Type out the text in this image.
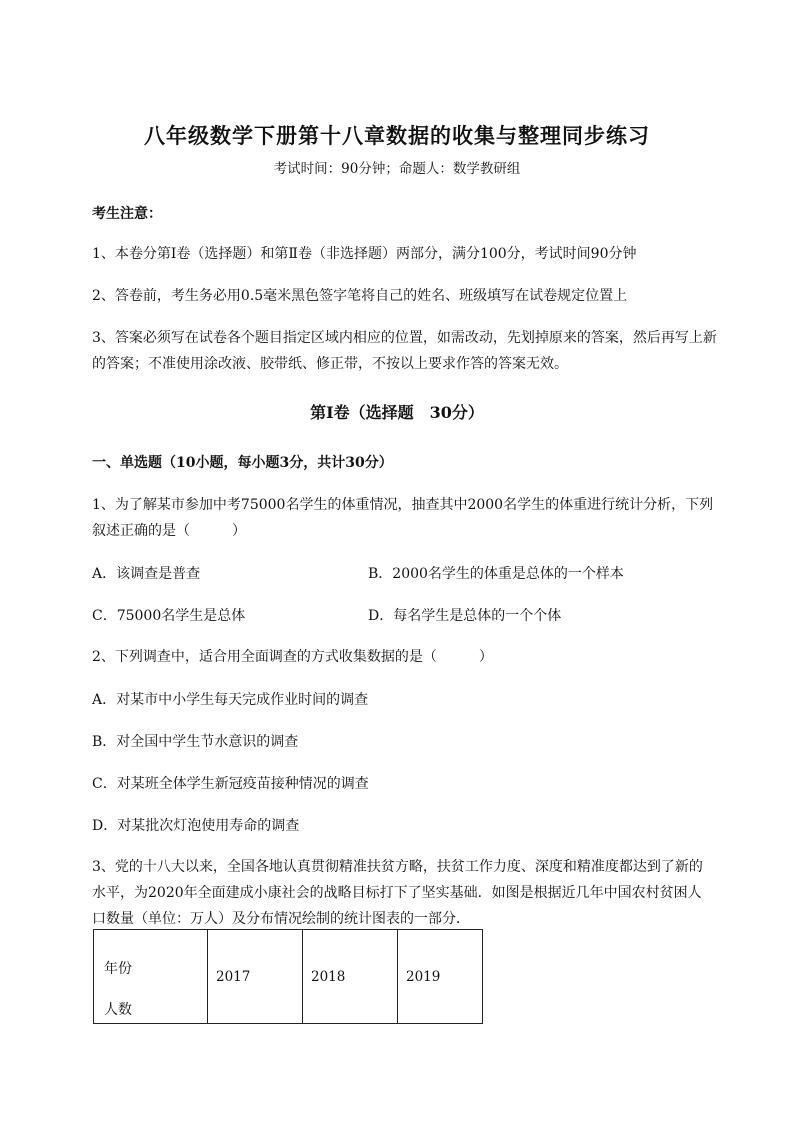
八年级数学下册第十八章数据的收集与整理同步练习
考试时间：90分钟；命题人：数学教研组
考生注意：
1、本卷分第I卷（选择题）和第Ⅱ卷（非选择题）两部分，满分100分，考试时间90分钟
2、答卷前，考生务必用0.5毫米黑色签字笔将自己的姓名、班级填写在试卷规定位置上
3、答案必须写在试卷各个题目指定区域内相应的位置，如需改动，先划掉原来的答案，然后再写上新
的答案；不准使用涂改液、胶带纸、修正带，不按以上要求作答的答案无效。
第I卷（选择题　30分）
一、单选题（10小题，每小题3分，共计30分）
1、为了解某市参加中考75000名学生的体重情况，抽查其中2000名学生的体重进行统计分析，下列
叙述正确的是（　　　）
A．该调查是普查	B．2000名学生的体重是总体的一个样本
C．75000名学生是总体	D．每名学生是总体的一个个体
2、下列调查中，适合用全面调查的方式收集数据的是（　　　）
A．对某市中小学生每天完成作业时间的调查
B．对全国中学生节水意识的调查
C．对某班全体学生新冠疫苗接种情况的调查
D．对某批次灯泡使用寿命的调查
3、党的十八大以来，全国各地认真贯彻精准扶贫方略，扶贫工作力度、深度和精准度都达到了新的
水平，为2020年全面建成小康社会的战略目标打下了坚实基础．如图是根据近几年中国农村贫困人
口数量（单位：万人）及分布情况绘制的统计图表的一部分．
年份
人数
	2017	2018	2019
